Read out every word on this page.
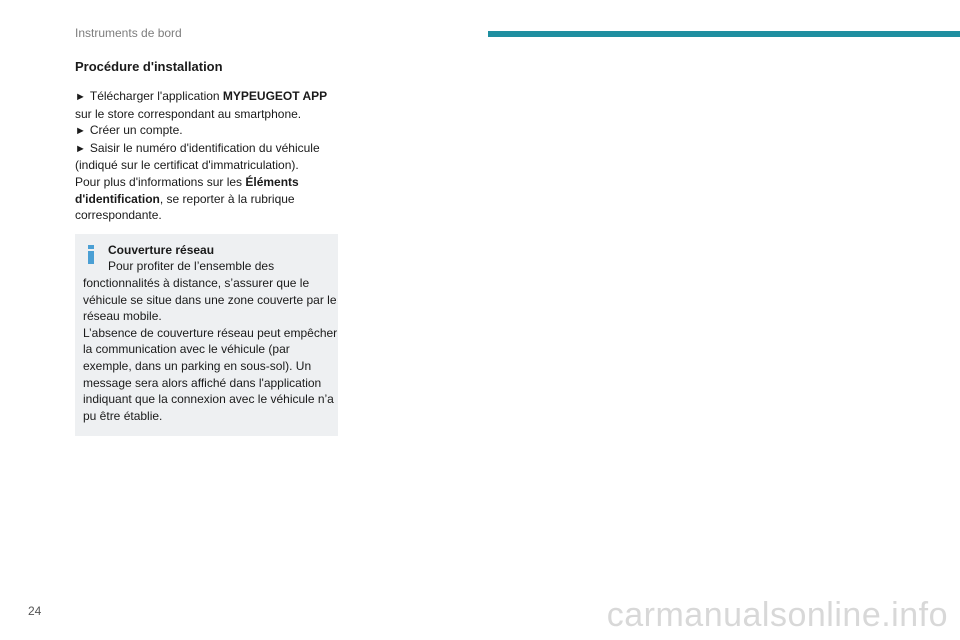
Instruments de bord
Procédure d'installation

► Télécharger l'application MYPEUGEOT APP sur le store correspondant au smartphone.

► Créer un compte.

► Saisir le numéro d'identification du véhicule (indiqué sur le certificat d'immatriculation).

Pour plus d'informations sur les Éléments d'identification, se reporter à la rubrique correspondante.

Couverture réseau
Pour profiter de l’ensemble des
fonctionnalités à distance, s’assurer que le véhicule se situe dans une zone couverte par le réseau mobile.
L’absence de couverture réseau peut empêcher la communication avec le véhicule (par exemple, dans un parking en sous-sol). Un message sera alors affiché dans l'application indiquant que la connexion avec le véhicule n’a pu être établie.
24	carmanualsonline.info
